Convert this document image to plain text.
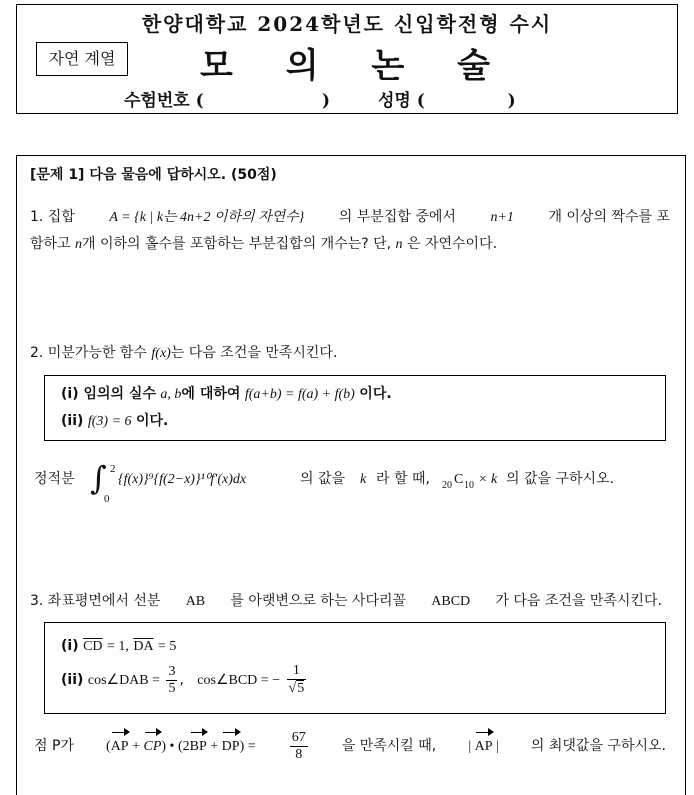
한양대학교 2024학년도 신입학전형 수시
자연 계열	모 의 논 술
수험번호 (                    )	성명 (              )
[문제 1] 다음 물음에 답하시오. (50점)
1. 집합 A = {k | k는 4n+2 이하의 자연수} 의 부분집합 중에서 n+1 개 이상의 짝수를 포
함하고 n개 이하의 홀수를 포함하는 부분집합의 개수는? 단, n 은 자연수이다.
2. 미분가능한 함수 f(x)는 다음 조건을 만족시킨다.
(i) 임의의 실수 a, b에 대하여 f(a+b) = f(a) + f(b) 이다.
(ii) f(3) = 6 이다.
정적분 ∫ 2
0
{f(x)}⁹{f(2−x)}¹⁰f′(x)dx	의 값을 k 라 할 때, 20 C 10 × k 의 값을 구하시오.
3. 좌표평면에서 선분 AB 를 아랫변으로 하는 사다리꼴 ABCD 가 다음 조건을 만족시킨다.
(i) $\overline{CD} = 1$, $\overline{DA} = 5$
(ii) cos∠DAB = $\frac{3}{5}$ ,   cos∠BCD = − $\frac{1}{√5}$
점 P가 (AP + CP) • $(2BP + DP) = \frac{67}{8}$ 을 만족시킬 때, | AP | 의 최댓값을 구하시오.
